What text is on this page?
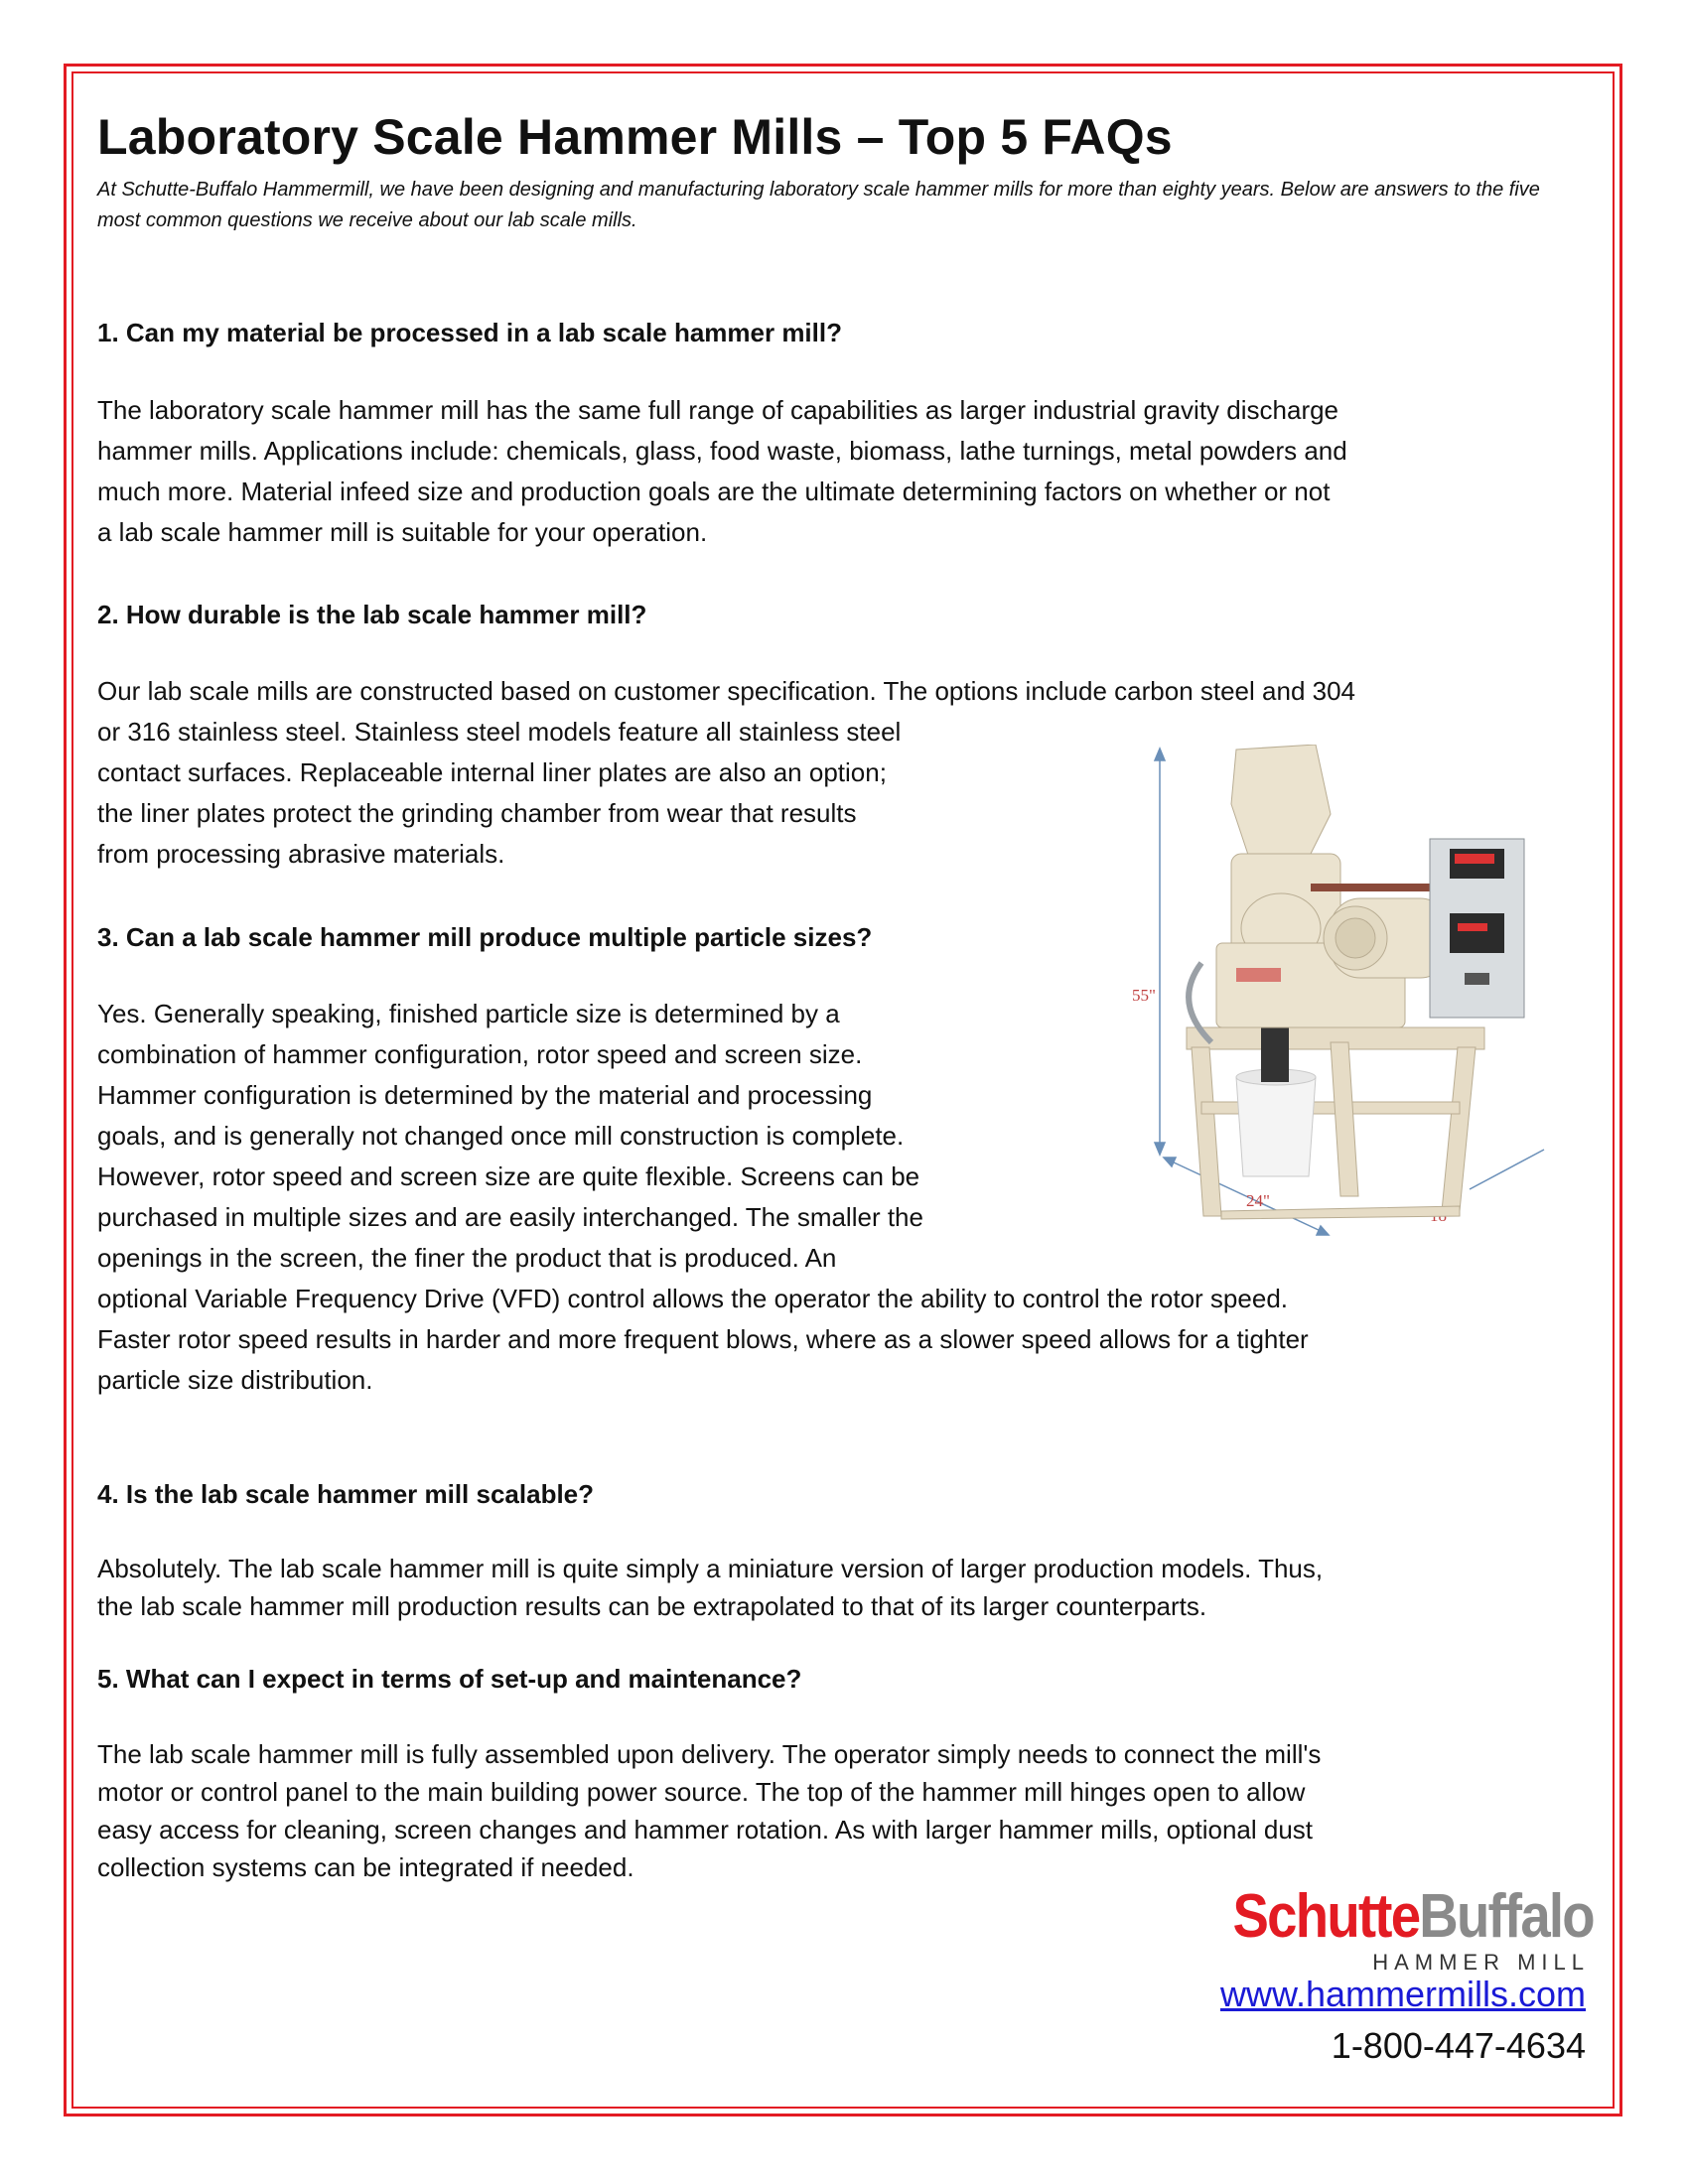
Laboratory Scale Hammer Mills – Top 5 FAQs

At Schutte-Buffalo Hammermill, we have been designing and manufacturing laboratory scale hammer mills for more than eighty years. Below are answers to the five most common questions we receive about our lab scale mills.

1. Can my material be processed in a lab scale hammer mill?
The laboratory scale hammer mill has the same full range of capabilities as larger industrial gravity discharge
hammer mills. Applications include: chemicals, glass, food waste, biomass, lathe turnings, metal powders and
much more. Material infeed size and production goals are the ultimate determining factors on whether or not
a lab scale hammer mill is suitable for your operation.
2. How durable is the lab scale hammer mill?
Our lab scale mills are constructed based on customer specification. The options include carbon steel and 304
or 316 stainless steel. Stainless steel models feature all stainless steel
contact surfaces. Replaceable internal liner plates are also an option;
the liner plates protect the grinding chamber from wear that results
from processing abrasive materials.
3. Can a lab scale hammer mill produce multiple particle sizes?
Yes. Generally speaking, finished particle size is determined by a
combination of hammer configuration, rotor speed and screen size.
Hammer configuration is determined by the material and processing
goals, and is generally not changed once mill construction is complete.
However, rotor speed and screen size are quite flexible. Screens can be
purchased in multiple sizes and are easily interchanged. The smaller the
openings in the screen, the finer the product that is produced. An
optional Variable Frequency Drive (VFD) control allows the operator the ability to control the rotor speed.
Faster rotor speed results in harder and more frequent blows, where as a slower speed allows for a tighter
particle size distribution.
4. Is the lab scale hammer mill scalable?
Absolutely. The lab scale hammer mill is quite simply a miniature version of larger production models. Thus,
the lab scale hammer mill production results can be extrapolated to that of its larger counterparts.
5. What can I expect in terms of set-up and maintenance?
The lab scale hammer mill is fully assembled upon delivery. The operator simply needs to connect the mill's
motor or control panel to the main building power source. The top of the hammer mill hinges open to allow
easy access for cleaning, screen changes and hammer rotation. As with larger hammer mills, optional dust
collection systems can be integrated if needed.
55"
24"
SchutteBuffalo
HAMMER MILL
www.hammermills.com
1-800-447-4634
